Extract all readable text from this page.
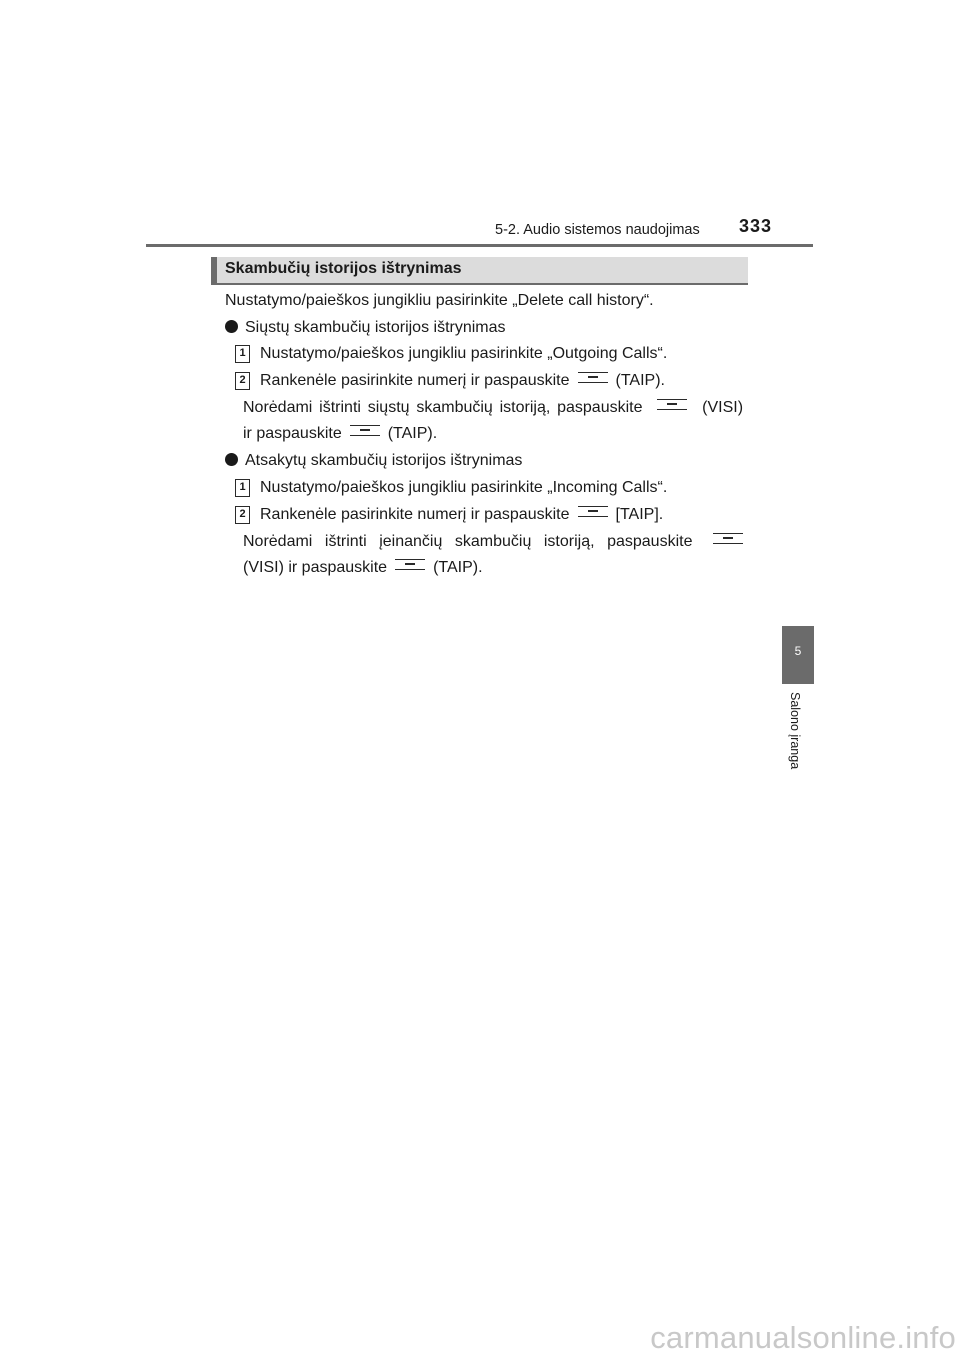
5-2. Audio sistemos naudojimas 333
Skambučių istorijos ištrynimas
Nustatymo/paieškos jungikliu pasirinkite „Delete call history“.
Siųstų skambučių istorijos ištrynimas
1 Nustatymo/paieškos jungikliu pasirinkite „Outgoing Calls“.
2 Rankenėle pasirinkite numerį ir paspauskite	(TAIP).
Norėdami ištrinti siųstų skambučių istoriją, paspauskite	(VISI)
ir paspauskite	(TAIP).
Atsakytų skambučių istorijos ištrynimas
1 Nustatymo/paieškos jungikliu pasirinkite „Incoming Calls“.
2 Rankenėle pasirinkite numerį ir paspauskite	[TAIP].
Norėdami ištrinti įeinančių skambučių istoriją, paspauskite
(VISI) ir paspauskite	(TAIP).
5
Salono įranga
carmanualsonline.info
